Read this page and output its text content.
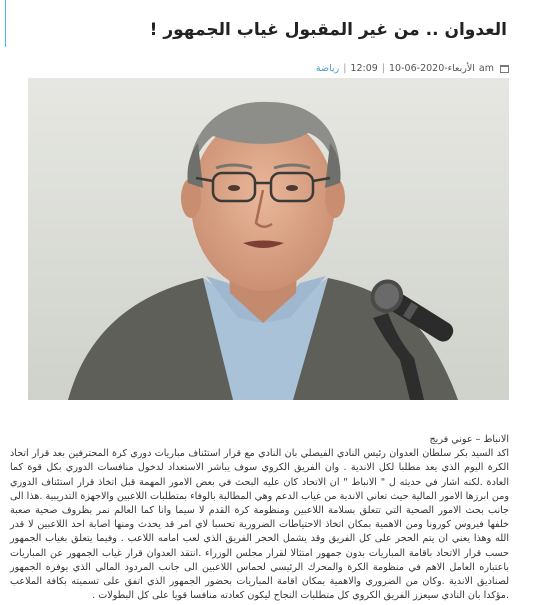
العدوان .. من غير المقبول غياب الجمهور !
am
الأربعاء-2020-06-10
|
12:09
|
رياضة

الانباط – عوني فريج

اكد السيد بكر سلطان العدوان رئيس النادي الفيصلي بان النادي مع قرار استئناف مباريات دوري كرة المحترفين بعد قرار اتحاد الكرة اليوم الذي يعد مطلبا لكل الاندية . وان الفريق الكروي سوف يباشر الاستعداد لدخول منافسات الدوري بكل قوة كما العادة .لكنه اشار في حديثه ل " الانباط " ان الاتحاد كان عليه البحث في بعض الامور المهمة قبل اتخاذ قرار استئناف الدوري ومن ابرزها الامور المالية حيث تعاني الاندية من غياب الدعم وهي المطالبة بالوفاء بمتطلبات اللاعبين والاجهزة التدريبية .هذا الى جانب بحث الامور الصحية التي تتعلق بسلامة اللاعبين ومنظومة كرة القدم لا سيما وانا كما العالم نمر بظروف صحية صعبة خلفها فيروس كورونا ومن الاهمية بمكان اتخاذ الاحتياطات الضرورية تحسبا لاي امر قد يحدث ومنها اصابة احد اللاعبين لا قدر الله وهذا يعني ان يتم الحجر على كل الفريق وقد يشمل الحجر الفريق الذي لعب امامه اللاعب . وفيما يتعلق بغياب الجمهور حسب قرار الاتحاد باقامة المباريات بدون جمهور امتثالا لقرار مجلس الوزراء .انتقد العدوان قرار غياب الجمهور عن المباريات باعتباره العامل الاهم في منظومة الكرة والمحرك الرئيسي لحماس اللاعبين الى جانب المردود المالي الذي يوفره الجمهور لصناديق الاندية .وكان من الضروري والاهمية بمكان اقامة المباريات بحضور الجمهور الذي اتفق على تسميته بكافة الملاعب .مؤكدا بان النادي سيعزز الفريق الكروي كل متطلبات النجاح ليكون كعادته منافسا قويا على كل البطولات .
